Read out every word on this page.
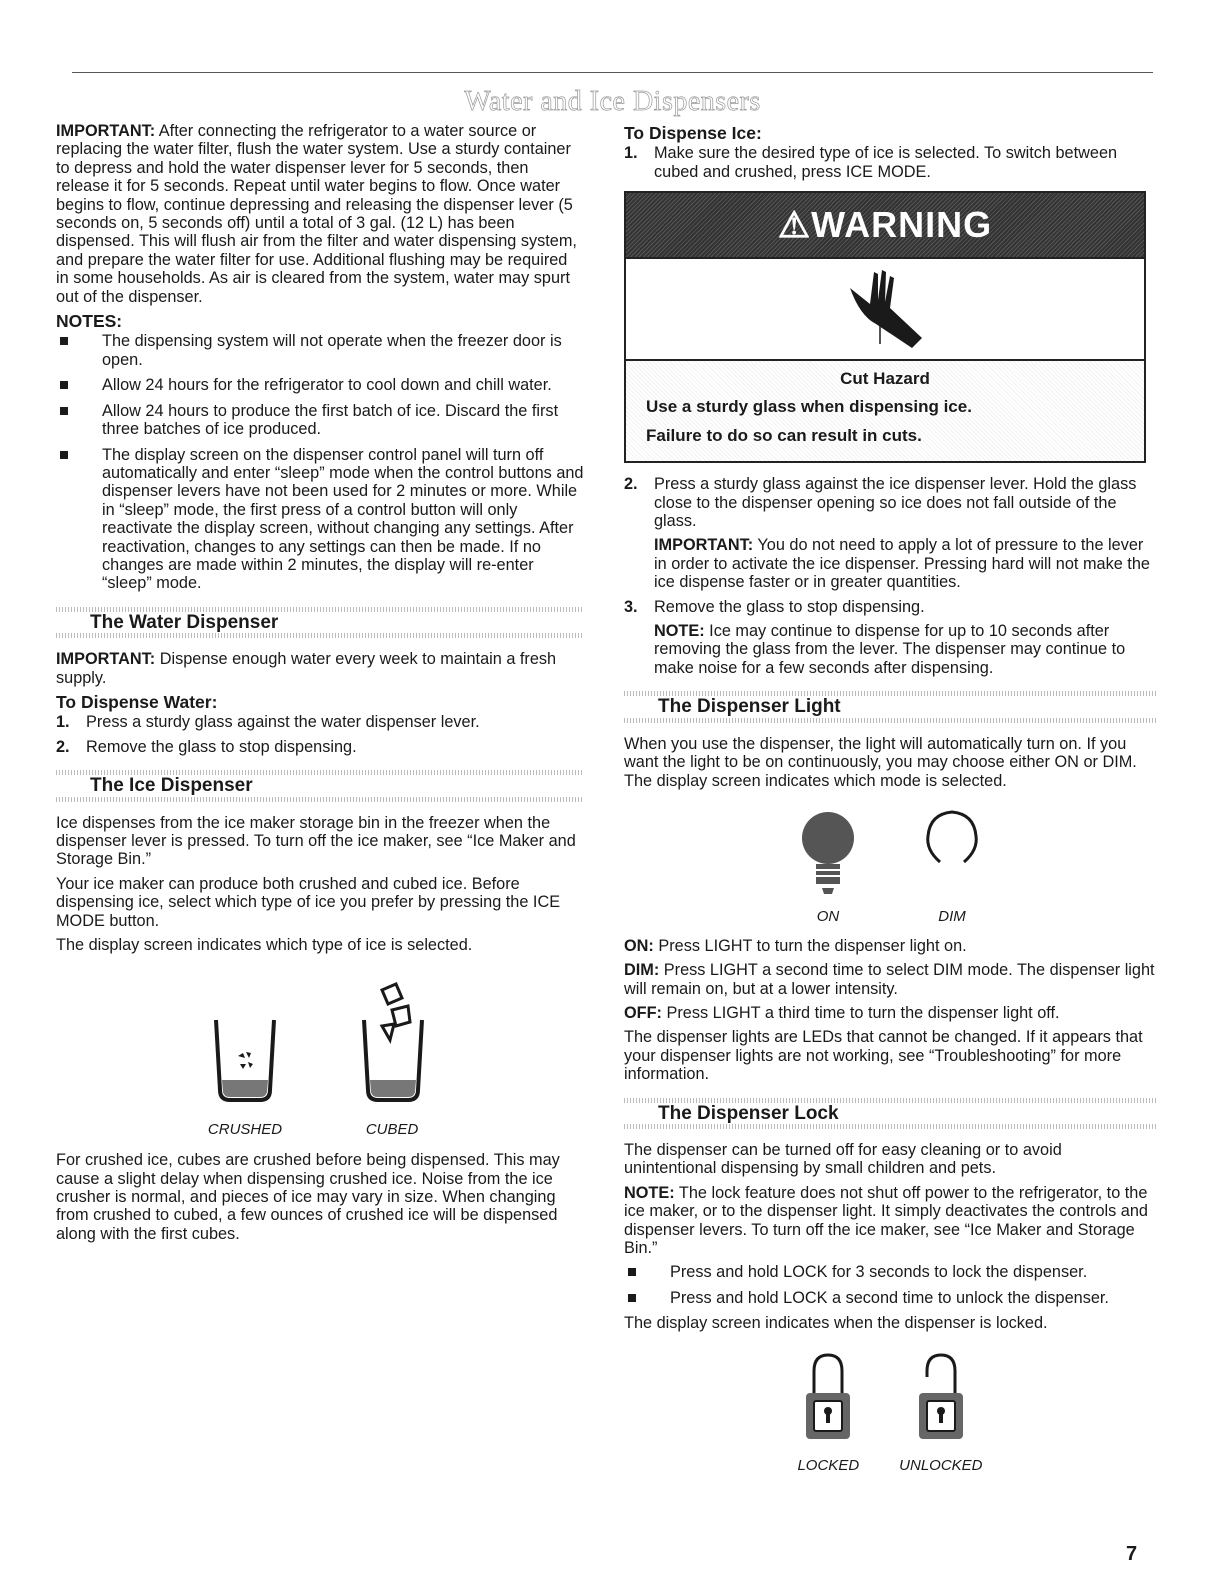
Water and Ice Dispensers

IMPORTANT: After connecting the refrigerator to a water source or replacing the water filter, flush the water system. Use a sturdy container to depress and hold the water dispenser lever for 5 seconds, then release it for 5 seconds. Repeat until water begins to flow. Once water begins to flow, continue depressing and releasing the dispenser lever (5 seconds on, 5 seconds off) until a total of 3 gal. (12 L) has been dispensed. This will flush air from the filter and water dispensing system, and prepare the water filter for use. Additional flushing may be required in some households. As air is cleared from the system, water may spurt out of the dispenser.

NOTES:
The dispensing system will not operate when the freezer door is open.
Allow 24 hours for the refrigerator to cool down and chill water.
Allow 24 hours to produce the first batch of ice. Discard the first three batches of ice produced.
The display screen on the dispenser control panel will turn off automatically and enter “sleep” mode when the control buttons and dispenser levers have not been used for 2 minutes or more. While in “sleep” mode, the first press of a control button will only reactivate the display screen, without changing any settings. After reactivation, changes to any settings can then be made. If no changes are made within 2 minutes, the display will re-enter “sleep” mode.
The Water Dispenser

IMPORTANT: Dispense enough water every week to maintain a fresh supply.

To Dispense Water:
1. Press a sturdy glass against the water dispenser lever.
2. Remove the glass to stop dispensing.
The Ice Dispenser

Ice dispenses from the ice maker storage bin in the freezer when the dispenser lever is pressed. To turn off the ice maker, see “Ice Maker and Storage Bin.”

Your ice maker can produce both crushed and cubed ice. Before dispensing ice, select which type of ice you prefer by pressing the ICE MODE button.

The display screen indicates which type of ice is selected.

CRUSHED	CUBED

For crushed ice, cubes are crushed before being dispensed. This may cause a slight delay when dispensing crushed ice. Noise from the ice crusher is normal, and pieces of ice may vary in size. When changing from crushed to cubed, a few ounces of crushed ice will be dispensed along with the first cubes.

To Dispense Ice:
1. Make sure the desired type of ice is selected. To switch between cubed and crushed, press ICE MODE.
⚠WARNING
Cut Hazard

Use a sturdy glass when dispensing ice.

Failure to do so can result in cuts.

2. Press a sturdy glass against the ice dispenser lever. Hold the glass close to the dispenser opening so ice does not fall outside of the glass.

IMPORTANT: You do not need to apply a lot of pressure to the lever in order to activate the ice dispenser. Pressing hard will not make the ice dispense faster or in greater quantities.

3. Remove the glass to stop dispensing.

NOTE: Ice may continue to dispense for up to 10 seconds after removing the glass from the lever. The dispenser may continue to make noise for a few seconds after dispensing.

The Dispenser Light

When you use the dispenser, the light will automatically turn on. If you want the light to be on continuously, you may choose either ON or DIM. The display screen indicates which mode is selected.

ON	DIM

ON: Press LIGHT to turn the dispenser light on.

DIM: Press LIGHT a second time to select DIM mode. The dispenser light will remain on, but at a lower intensity.

OFF: Press LIGHT a third time to turn the dispenser light off.

The dispenser lights are LEDs that cannot be changed. If it appears that your dispenser lights are not working, see “Troubleshooting” for more information.

The Dispenser Lock

The dispenser can be turned off for easy cleaning or to avoid unintentional dispensing by small children and pets.

NOTE: The lock feature does not shut off power to the refrigerator, to the ice maker, or to the dispenser light. It simply deactivates the controls and dispenser levers. To turn off the ice maker, see “Ice Maker and Storage Bin.”

Press and hold LOCK for 3 seconds to lock the dispenser.
Press and hold LOCK a second time to unlock the dispenser.

The display screen indicates when the dispenser is locked.

LOCKED	UNLOCKED
7
